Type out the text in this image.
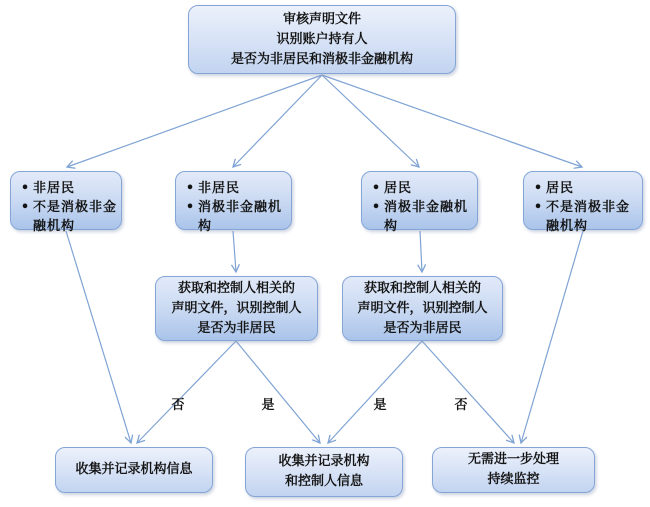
审核声明文件
识别账户持有人
是否为非居民和消极非金融机构
• 非居民
• 不是消极非金融机构
• 非居民
• 消极非金融机构
• 居民
• 消极非金融机构
• 居民
• 不是消极非金融机构
获取和控制人相关的
声明文件，识别控制人
是否为非居民
获取和控制人相关的
声明文件，识别控制人
是否为非居民
否	是	是	否
收集并记录机构信息
收集并记录机构
和控制人信息
无需进一步处理
持续监控
